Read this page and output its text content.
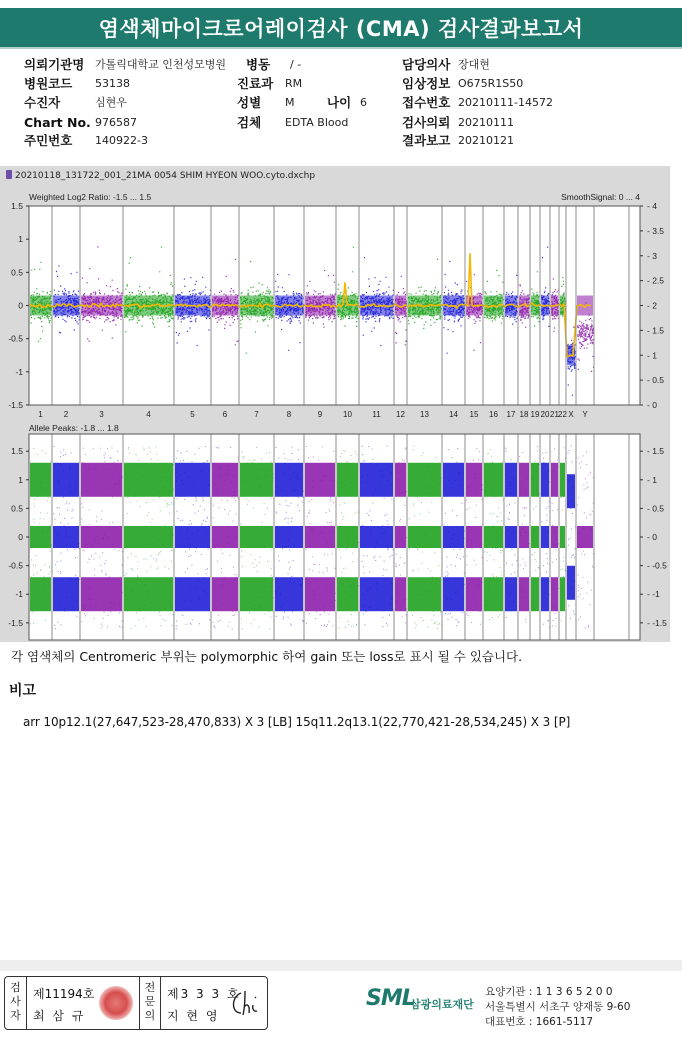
염색체마이크로어레이검사 (CMA) 검사결과보고서
의뢰기관명 가톨릭대학교 인천성모병원 병동 / -	담당의사 장대현
병원코드 53138	진료과 RM	임상정보 O675R1S50
수진자	심현우	성별 M	나이 6	접수번호 20210111-14572
Chart No. 976587	검체 EDTA Blood	검사의뢰 20210111
주민번호 140922-3	결과보고 20210121
Weighted Log2 Ratio: -1.5 ... 1.5	SmoothSignal: 0 ... 4
Allele Peaks: -1.8 ... 1.8
1.5
1
0.5
0
-0.5
-1
-1.5
- 4
- 3.5
- 3
- 2.5
- 2
- 1.5
- 1
- 0.5
- 0
1.5
1
0.5
0
-0.5
-1
-1.5
- 1.5
- 1
- 0.5
- 0
- -0.5
- -1
- -1.5
1	2	3	4	5	6	7	8	9	10	11 12 13	14 15 16 17 18 19 20 21 22 X Y
20210118_131722_001_21MA 0054 SHIM HYEON WOO.cyto.dxchp
각 염색체의 Centromeric 부위는 polymorphic 하여 gain 또는 loss로 표시 될 수 있습니다.
비고
arr 10p12.1(27,647,523-28,470,833) X 3 [LB] 15q11.2q13.1(22,770,421-28,534,245) X 3 [P]
검사자
제11194호
최 삼 규
전문의
제3 3 3 호
지 현 영
SML
삼광의료재단
요양기관 : 1 1 3 6 5 2 0 0
서울특별시 서초구 양재동 9-60
대표번호 : 1661-5117
